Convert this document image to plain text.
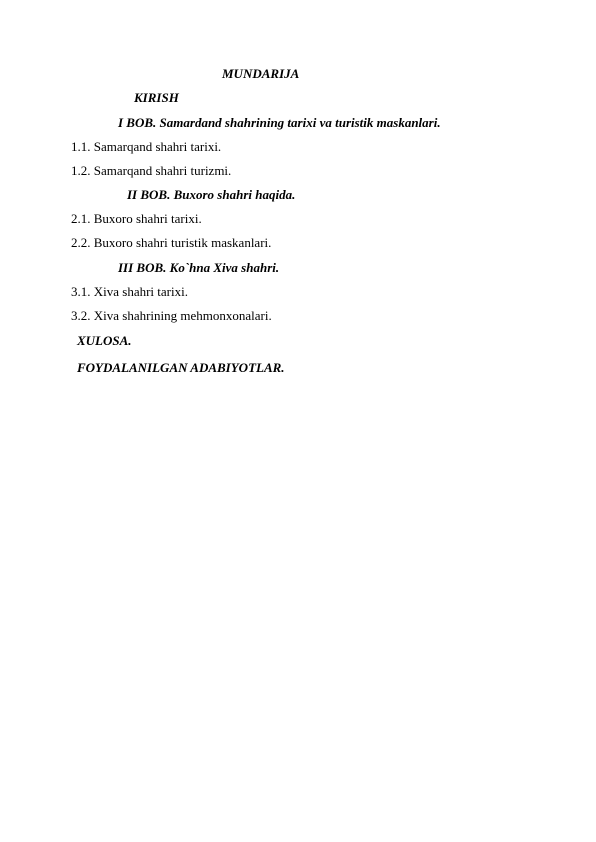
MUNDARIJA
KIRISH
I BOB. Samardand shahrining tarixi va turistik maskanlari.
1.1. Samarqand shahri tarixi.
1.2. Samarqand shahri turizmi.
II BOB. Buxoro shahri haqida.
2.1. Buxoro shahri tarixi.
2.2. Buxoro shahri turistik maskanlari.
III BOB. Ko`hna Xiva shahri.
3.1. Xiva shahri tarixi.
3.2. Xiva shahrining mehmonxonalari.
XULOSA.
FOYDALANILGAN ADABIYOTLAR.
